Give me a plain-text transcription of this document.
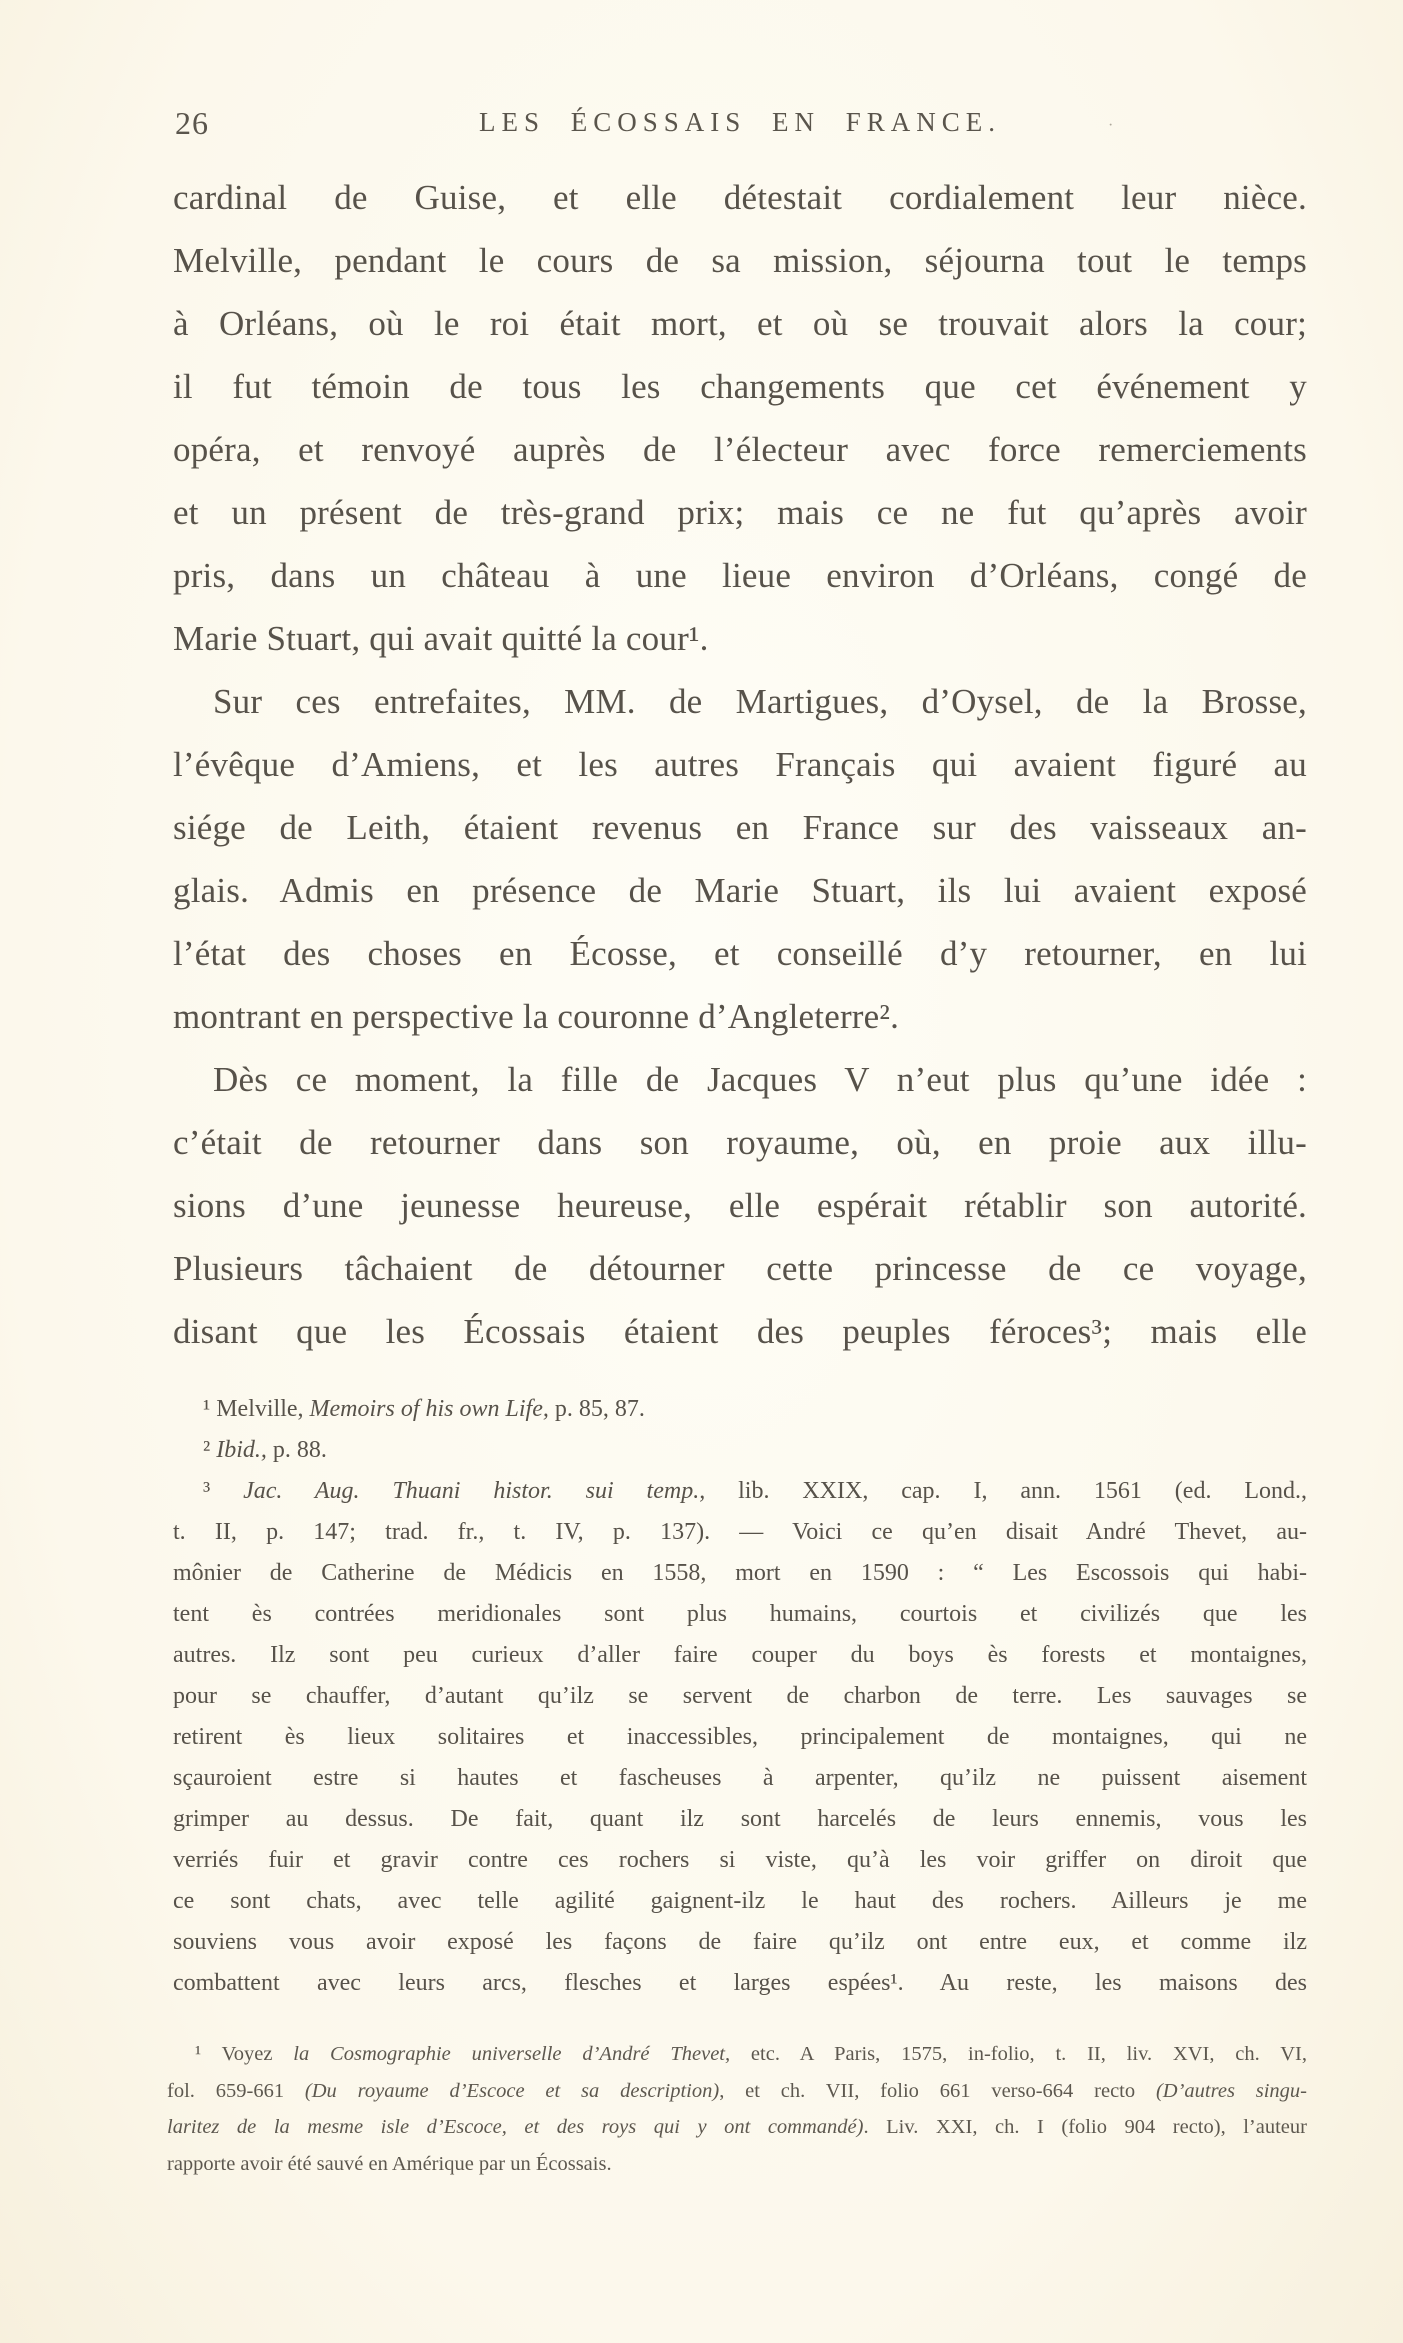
26	LES ÉCOSSAIS EN FRANCE.	·
cardinal de Guise, et elle détestait cordialement leur nièce.
Melville, pendant le cours de sa mission, séjourna tout le temps
à Orléans, où le roi était mort, et où se trouvait alors la cour;
il fut témoin de tous les changements que cet événement y
opéra, et renvoyé auprès de l’électeur avec force remerciements
et un présent de très-grand prix; mais ce ne fut qu’après avoir
pris, dans un château à une lieue environ d’Orléans, congé de
Marie Stuart, qui avait quitté la cour¹.
Sur ces entrefaites, MM. de Martigues, d’Oysel, de la Brosse,
l’évêque d’Amiens, et les autres Français qui avaient figuré au
siége de Leith, étaient revenus en France sur des vaisseaux an-
glais. Admis en présence de Marie Stuart, ils lui avaient exposé
l’état des choses en Écosse, et conseillé d’y retourner, en lui
montrant en perspective la couronne d’Angleterre².
Dès ce moment, la fille de Jacques V n’eut plus qu’une idée :
c’était de retourner dans son royaume, où, en proie aux illu-
sions d’une jeunesse heureuse, elle espérait rétablir son autorité.
Plusieurs tâchaient de détourner cette princesse de ce voyage,
disant que les Écossais étaient des peuples féroces³; mais elle
¹ Melville, Memoirs of his own Life, p. 85, 87.
² Ibid., p. 88.
³ Jac. Aug. Thuani histor. sui temp., lib. XXIX, cap. I, ann. 1561 (ed. Lond.,
t. II, p. 147; trad. fr., t. IV, p. 137). — Voici ce qu’en disait André Thevet, au-
mônier de Catherine de Médicis en 1558, mort en 1590 : “ Les Escossois qui habi-
tent ès contrées meridionales sont plus humains, courtois et civilizés que les
autres. Ilz sont peu curieux d’aller faire couper du boys ès forests et montaignes,
pour se chauffer, d’autant qu’ilz se servent de charbon de terre. Les sauvages se
retirent ès lieux solitaires et inaccessibles, principalement de montaignes, qui ne
sçauroient estre si hautes et fascheuses à arpenter, qu’ilz ne puissent aisement
grimper au dessus. De fait, quant ilz sont harcelés de leurs ennemis, vous les
verriés fuir et gravir contre ces rochers si viste, qu’à les voir griffer on diroit que
ce sont chats, avec telle agilité gaignent-ilz le haut des rochers. Ailleurs je me
souviens vous avoir exposé les façons de faire qu’ilz ont entre eux, et comme ilz
combattent avec leurs arcs, flesches et larges espées¹. Au reste, les maisons des
¹ Voyez la Cosmographie universelle d’André Thevet, etc. A Paris, 1575, in-folio, t. II, liv. XVI, ch. VI,
fol. 659-661 (Du royaume d’Escoce et sa description), et ch. VII, folio 661 verso-664 recto (D’autres singu-
laritez de la mesme isle d’Escoce, et des roys qui y ont commandé). Liv. XXI, ch. I (folio 904 recto), l’auteur
rapporte avoir été sauvé en Amérique par un Écossais.
